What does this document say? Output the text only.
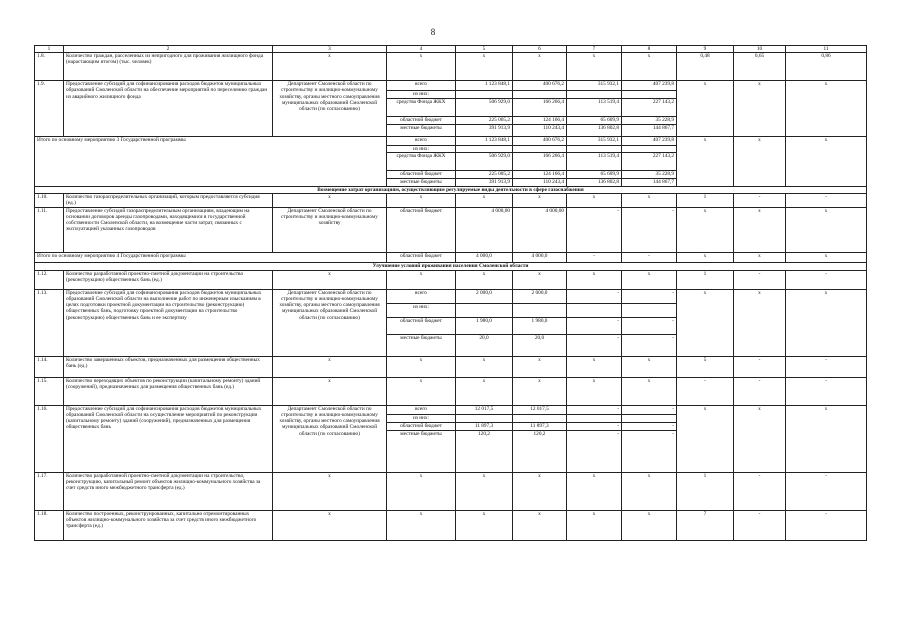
8
1	2	3	4	5	6	7	8	9	10	11
1.8.	Количество граждан, расселенных из непригодного для проживания жилищного фонда (нарастающим итогом) (тыс. человек)	x	x	x	x	x	x	0,48	0,65	0,86
1.9.	Предоставление субсидий для софинансирования расходов бюджетов муниципальных образований Смоленской области на обеспечение мероприятий по переселению граждан из аварийного жилищного фонда	Департамент Смоленской области по строительству и жилищно-коммунальному хозяйству, органы местного самоуправления муниципальных образований Смоленской области (по согласованию)	всего	1 123 848,1	400 676,2	315 932,1	407 239,8	x	x	x
			из них:							
			средства Фонда ЖКХ	506 929,0	166 266,4	113 519,4	227 143,2			
			областной бюджет	225 005,2	124 166,4	65 609,9	35 228,9			
			местные бюджеты	391 913,9	110 243,4	136 802,8	144 867,7			
Итого по основному мероприятию 3 Государственной программы			всего	1 123 848,1	400 676,2	315 932,1	407 239,8	x	x	x
			из них:							
			средства Фонда ЖКХ	506 929,0	166 266,4	113 519,4	227 143,2			
			областной бюджет	225 005,2	124 166,4	65 609,9	35 228,9			
			местные бюджеты	391 913,9	110 243,4	136 802,8	144 867,7			
Возмещение затрат организациям, осуществляющим регулируемые виды деятельности в сфере газоснабжения										
1.10.	Количество газораспределительных организаций, которым предоставляется субсидия (ед.)	x	x	x	x	x	x	1	-	-
1.11.	Предоставление субсидий газораспределительным организациям, владеющим на основании договоров аренды газопроводами, находящимися в государственной собственности Смоленской области, на возмещение части затрат, связанных с эксплуатацией указанных газопроводов	Департамент Смоленской области по строительству и жилищно-коммунальному хозяйству	областной бюджет	4 000,00	4 000,00	-	-	x	x	x
Итого по основному мероприятию 4 Государственной программы			областной бюджет	4 000,0	4 000,0	-	-	x	x	x
Улучшение условий проживания населения Смоленской области										
1.12.	Количество разработанной проектно-сметной документации на строительство (реконструкцию) общественных бань (ед.)	x	x	x	x	x	x	1	-	-
1.13.	Предоставление субсидий для софинансирования расходов бюджетов муниципальных образований Смоленской области на выполнение работ по инженерным изысканиям в целях подготовки проектной документации на строительство (реконструкцию) общественных бань, подготовку проектной документации на строительство (реконструкцию) общественных бань и ее экспертизу	Департамент Смоленской области по строительству и жилищно-коммунальному хозяйству, органы местного самоуправления муниципальных образований Смоленской области (по согласованию)	всего	2 000,0	2 000,0	-	-	x	x	x
			из них:							
			областной бюджет	1 980,0	1 980,0	-	-			
			местные бюджеты	20,0	20,0	-	-			
1.14.	Количество завершенных объектов, предназначенных для размещения общественных бань (ед.)	x	x	x	x	x	x	5	-	-
1.15.	Количество переходящих объектов по реконструкции (капитальному ремонту) зданий (сооружений), предназначенных для размещения общественных бань (ед.)	x	x	x	x	x	x	-	-	-
1.16.	Предоставление субсидий для софинансирования расходов бюджетов муниципальных образований Смоленской области на осуществление мероприятий по реконструкции (капитальному ремонту) зданий (сооружений), предназначенных для размещения общественных бань	Департамент Смоленской области по строительству и жилищно-коммунальному хозяйству, органы местного самоуправления муниципальных образований Смоленской области (по согласованию)	всего	12 017,5	12 017,5	-	-	x	x	x
			из них:							
			областной бюджет	11 897,3	11 897,3	-	-			
			местные бюджеты	120,2	120,2	-	-			
1.17.	Количество разработанной проектно-сметной документации на строительство, реконструкцию, капитальный ремонт объектов жилищно-коммунального хозяйства за счет средств иного межбюджетного трансферта (ед.)	x	x	x	x	x	x	1	-	-
1.18.	Количество построенных, реконструированных, капитально отремонтированных объектов жилищно-коммунального хозяйства за счет средств иного межбюджетного трансферта (ед.)	x	x	x	x	x	x	7	-	-
